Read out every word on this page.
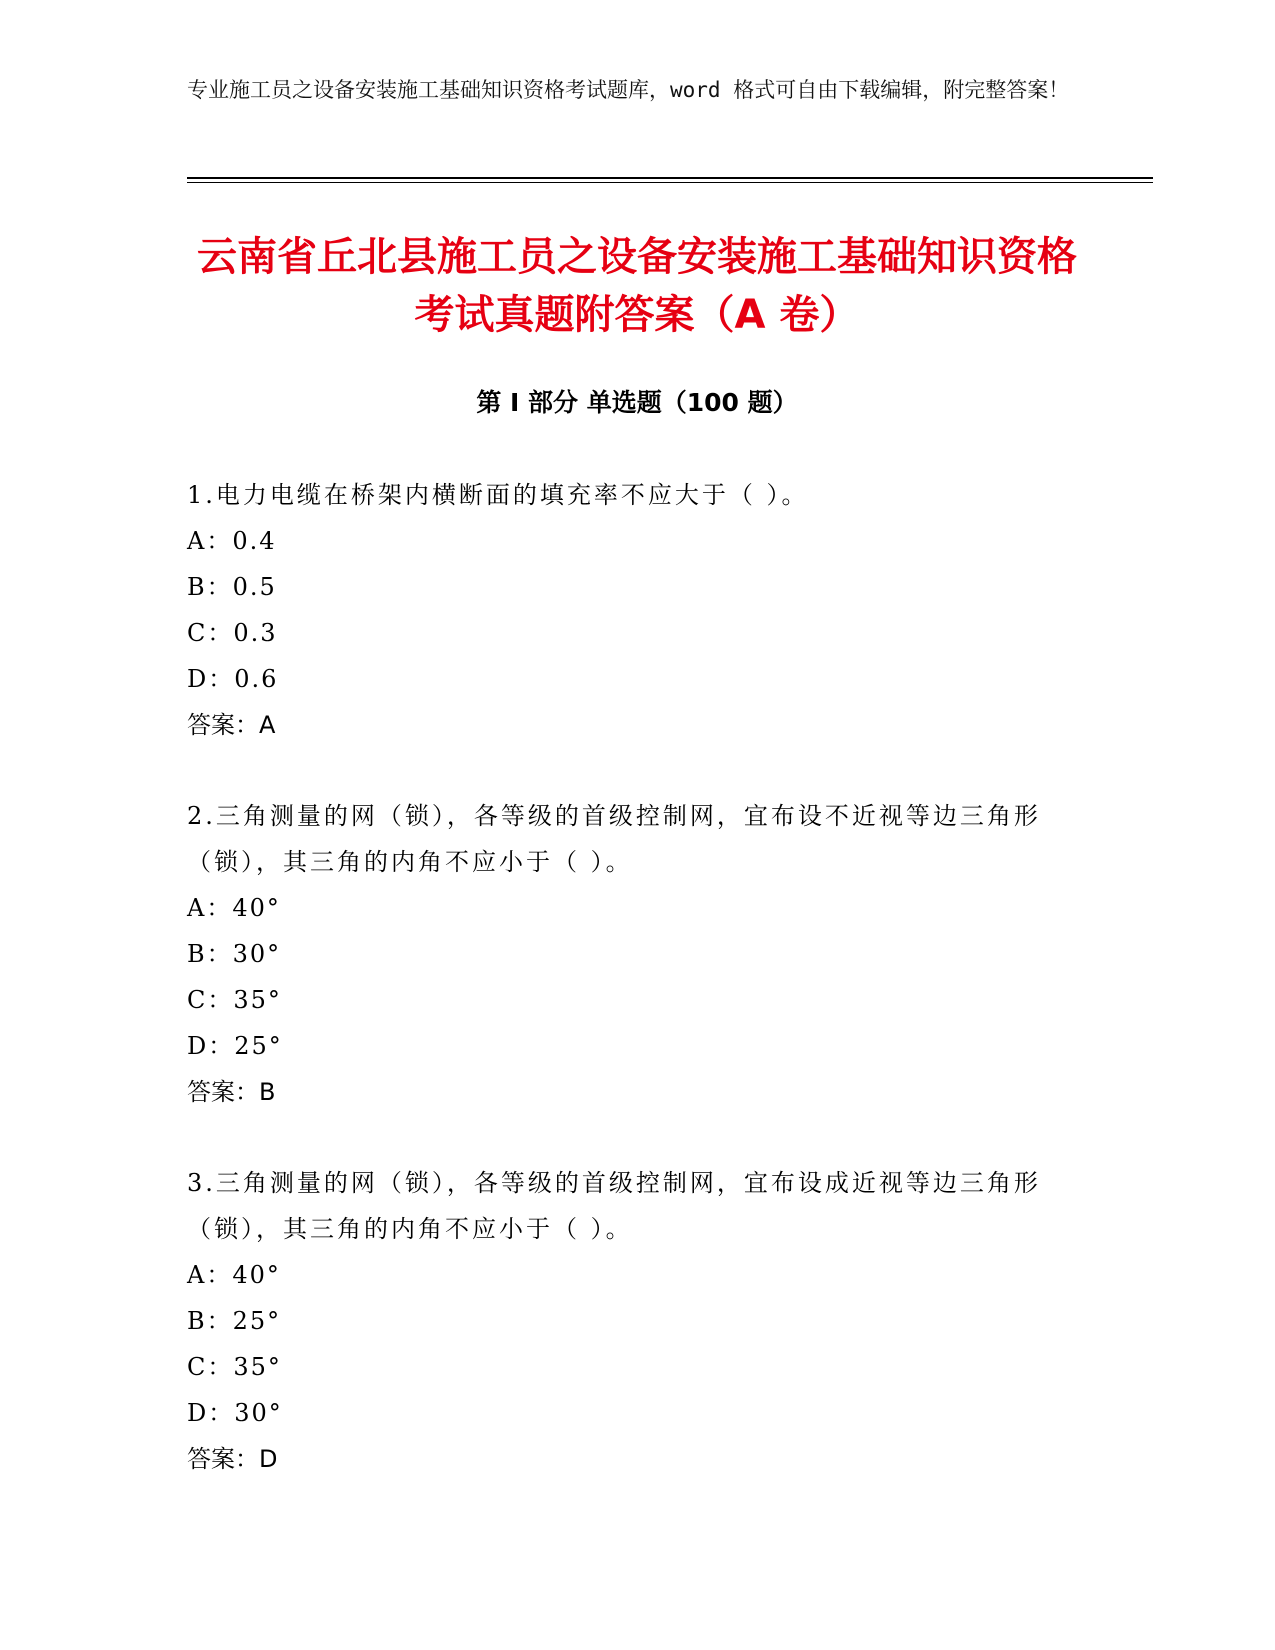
专业施工员之设备安装施工基础知识资格考试题库，word 格式可自由下载编辑，附完整答案！
云南省丘北县施工员之设备安装施工基础知识资格考试真题附答案（A 卷）
第 I 部分 单选题（100 题）
1.电力电缆在桥架内横断面的填充率不应大于（ ）。
A：0.4
B：0.5
C：0.3
D：0.6
答案：A
2.三角测量的网（锁），各等级的首级控制网，宜布设不近视等边三角形（锁），其三角的内角不应小于（ ）。
A：40°
B：30°
C：35°
D：25°
答案：B
3.三角测量的网（锁），各等级的首级控制网，宜布设成近视等边三角形（锁），其三角的内角不应小于（ ）。
A：40°
B：25°
C：35°
D：30°
答案：D
